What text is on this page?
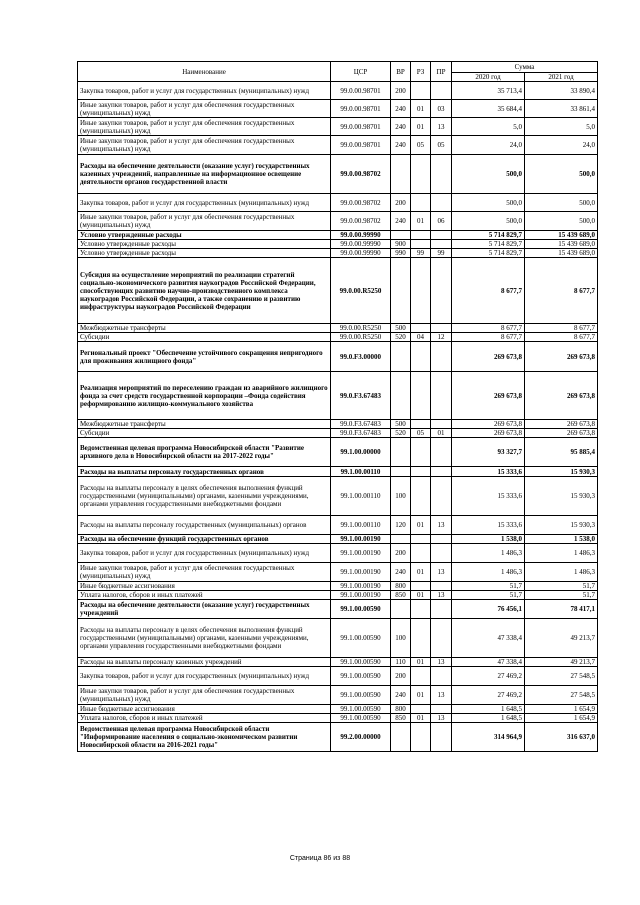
Наименование	ЦСР	ВР	РЗ	ПР	Сумма	
					2020 год	2021 год
Закупка товаров, работ и услуг для государственных (муниципальных) нужд	99.0.00.98701	200			35 713,4	33 890,4
Иные закупки товаров, работ и услуг для обеспечения государственных (муниципальных) нужд	99.0.00.98701	240	01	03	35 684,4	33 861,4
Иные закупки товаров, работ и услуг для обеспечения государственных (муниципальных) нужд	99.0.00.98701	240	01	13	5,0	5,0
Иные закупки товаров, работ и услуг для обеспечения государственных (муниципальных) нужд	99.0.00.98701	240	05	05	24,0	24,0
Расходы на обеспечение деятельности (оказание услуг) государственных казенных учреждений, направленные на информационное освещение деятельности органов государственной власти	99.0.00.98702				500,0	500,0
Закупка товаров, работ и услуг для государственных (муниципальных) нужд	99.0.00.98702	200			500,0	500,0
Иные закупки товаров, работ и услуг для обеспечения государственных (муниципальных) нужд	99.0.00.98702	240	01	06	500,0	500,0
Условно утвержденные расходы	99.0.00.99990				5 714 829,7	15 439 689,0
Условно утвержденные расходы	99.0.00.99990	900			5 714 829,7	15 439 689,0
Условно утвержденные расходы	99.0.00.99990	990	99	99	5 714 829,7	15 439 689,0
Субсидия на осуществление мероприятий по реализации стратегий социально-экономического развития наукоградов Российской Федерации, способствующих развитию научно-производственного комплекса наукоградов Российской Федерации, а также сохранению и развитию инфраструктуры наукоградов Российской Федерации	99.0.00.R5250				8 677,7	8 677,7
Межбюджетные трансферты	99.0.00.R5250	500			8 677,7	8 677,7
Субсидии	99.0.00.R5250	520	04	12	8 677,7	8 677,7
Региональный проект "Обеспечение устойчивого сокращения непригодного для проживания жилищного фонда"	99.0.F3.00000				269 673,8	269 673,8
Реализация мероприятий по переселению граждан из аварийного жилищного фонда за счет средств государственной корпорации –Фонда содействия реформированию жилищно-коммунального хозяйства	99.0.F3.67483				269 673,8	269 673,8
Межбюджетные трансферты	99.0.F3.67483	500			269 673,8	269 673,8
Субсидии	99.0.F3.67483	520	05	01	269 673,8	269 673,8
Ведомственная целевая программа Новосибирской области "Развитие архивного дела в Новосибирской области на 2017-2022 годы"	99.1.00.00000				93 327,7	95 885,4
Расходы на выплаты персоналу государственных органов	99.1.00.00110				15 333,6	15 930,3
Расходы на выплаты персоналу в целях обеспечения выполнения функций государственными (муниципальными) органами, казенными учреждениями, органами управления государственными внебюджетными фондами	99.1.00.00110	100			15 333,6	15 930,3
Расходы на выплаты персоналу государственных (муниципальных) органов	99.1.00.00110	120	01	13	15 333,6	15 930,3
Расходы на обеспечение функций государственных органов	99.1.00.00190				1 538,0	1 538,0
Закупка товаров, работ и услуг для государственных (муниципальных) нужд	99.1.00.00190	200			1 486,3	1 486,3
Иные закупки товаров, работ и услуг для обеспечения государственных (муниципальных) нужд	99.1.00.00190	240	01	13	1 486,3	1 486,3
Иные бюджетные ассигнования	99.1.00.00190	800			51,7	51,7
Уплата налогов, сборов и иных платежей	99.1.00.00190	850	01	13	51,7	51,7
Расходы на обеспечение деятельности (оказание услуг) государственных учреждений	99.1.00.00590				76 456,1	78 417,1
Расходы на выплаты персоналу в целях обеспечения выполнения функций государственными (муниципальными) органами, казенными учреждениями, органами управления государственными внебюджетными фондами	99.1.00.00590	100			47 338,4	49 213,7
Расходы на выплаты персоналу казенных учреждений	99.1.00.00590	110	01	13	47 338,4	49 213,7
Закупка товаров, работ и услуг для государственных (муниципальных) нужд	99.1.00.00590	200			27 469,2	27 548,5
Иные закупки товаров, работ и услуг для обеспечения государственных (муниципальных) нужд	99.1.00.00590	240	01	13	27 469,2	27 548,5
Иные бюджетные ассигнования	99.1.00.00590	800			1 648,5	1 654,9
Уплата налогов, сборов и иных платежей	99.1.00.00590	850	01	13	1 648,5	1 654,9
Ведомственная целевая программа Новосибирской области "Информирование населения о социально-экономическом развитии Новосибирской области на 2016-2021 годы"	99.2.00.00000				314 964,9	316 637,0
Страница 86 из 88
